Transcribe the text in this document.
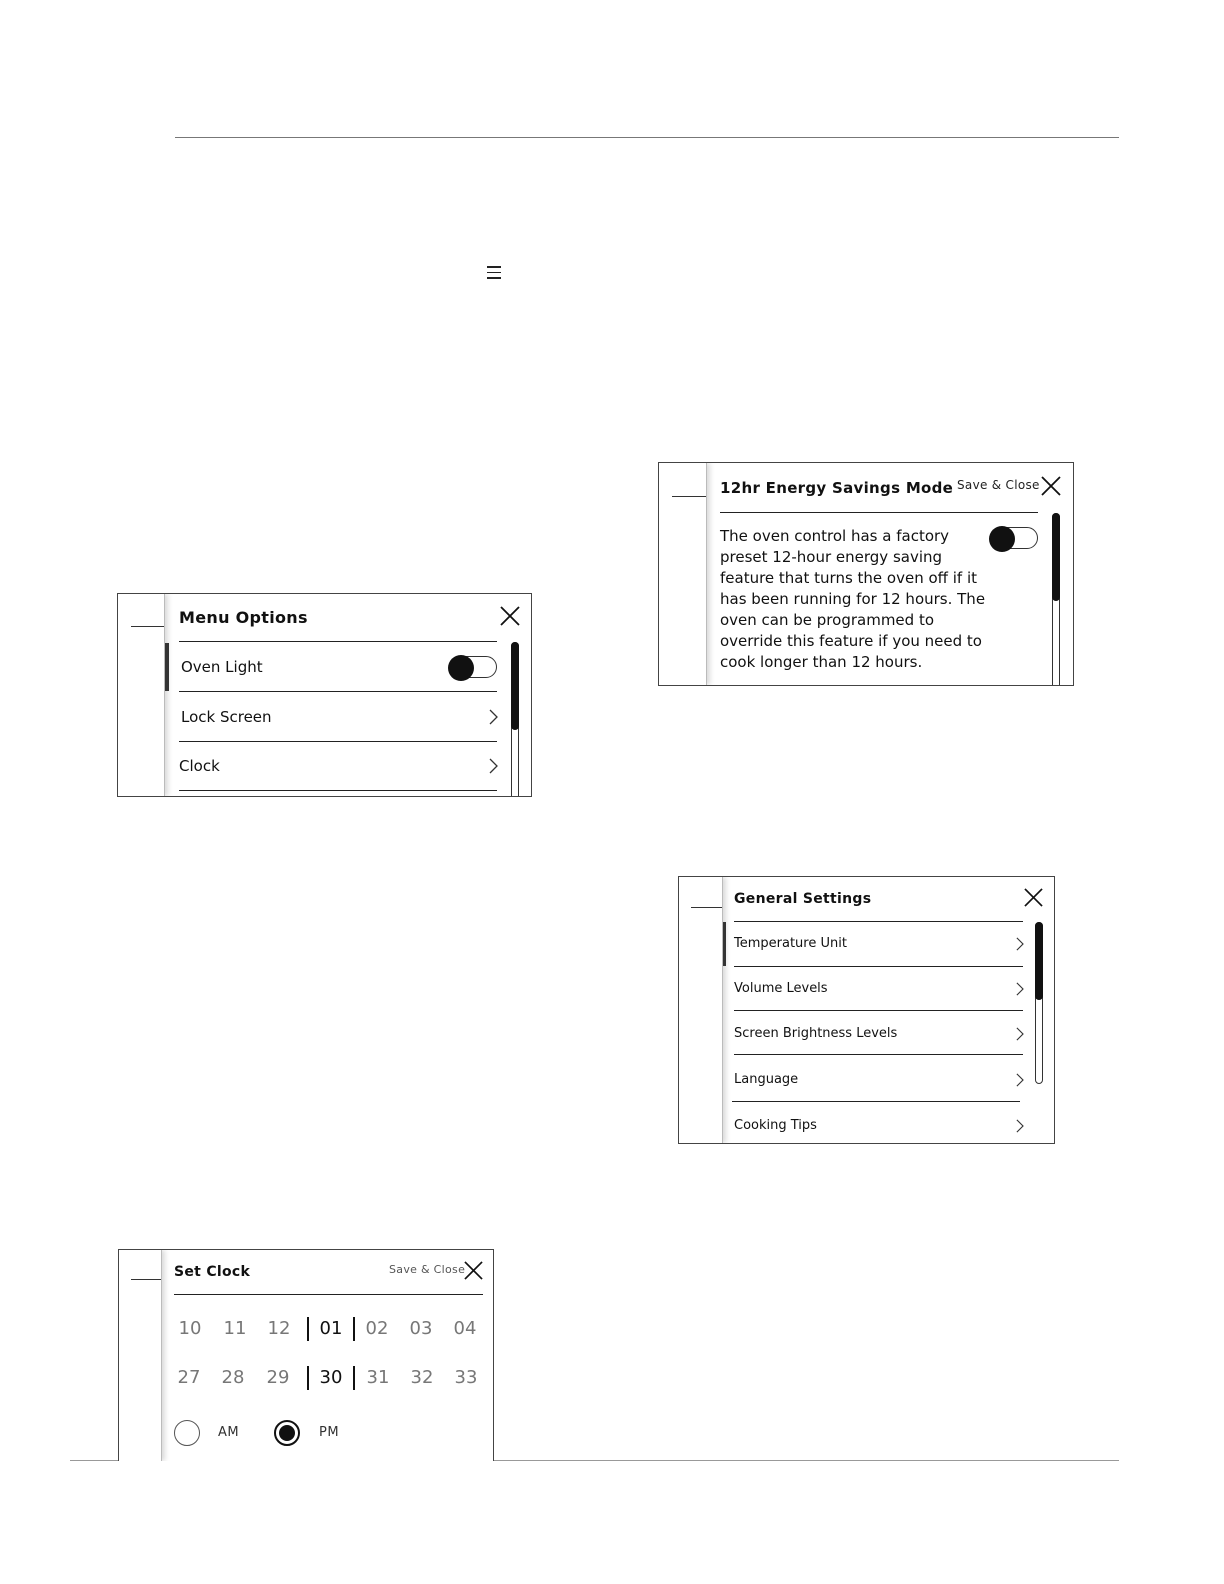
Menu Options
Oven Light
Lock Screen
Clock
12hr Energy Savings Mode Save & Close
The oven control has a factory
preset 12-hour energy saving
feature that turns the oven off if it
has been running for 12 hours. The
oven can be programmed to
override this feature if you need to
cook longer than 12 hours.
General Settings
Temperature Unit
Volume Levels
Screen Brightness Levels
Language
Cooking Tips
Set Clock	Save & Close
10	11	12	01	02	03	04
27	28	29	30	31	32	33
AM	PM
